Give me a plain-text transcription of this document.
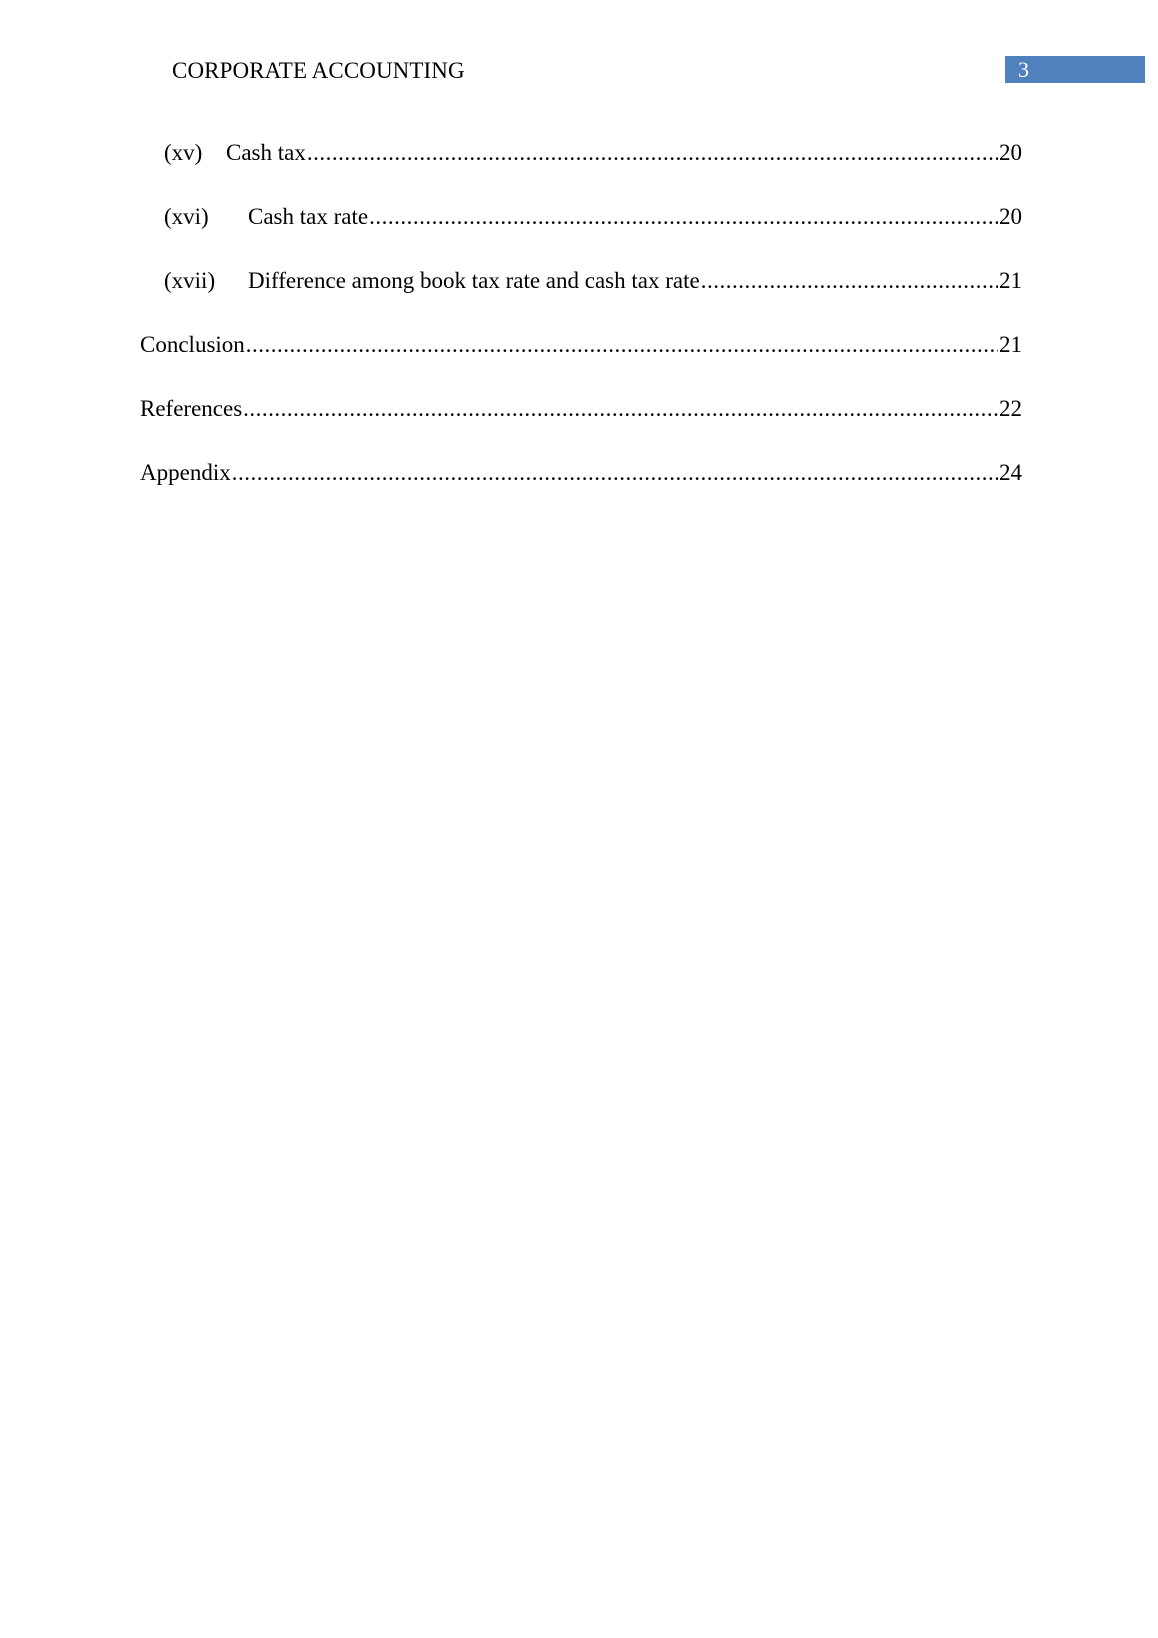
CORPORATE ACCOUNTING	3
(xv)	Cash tax .....	20
(xvi)	Cash tax rate .....	20
(xvii)	Difference among book tax rate and cash tax rate .....	21
Conclusion .....	21
References .....	22
Appendix .....	24
